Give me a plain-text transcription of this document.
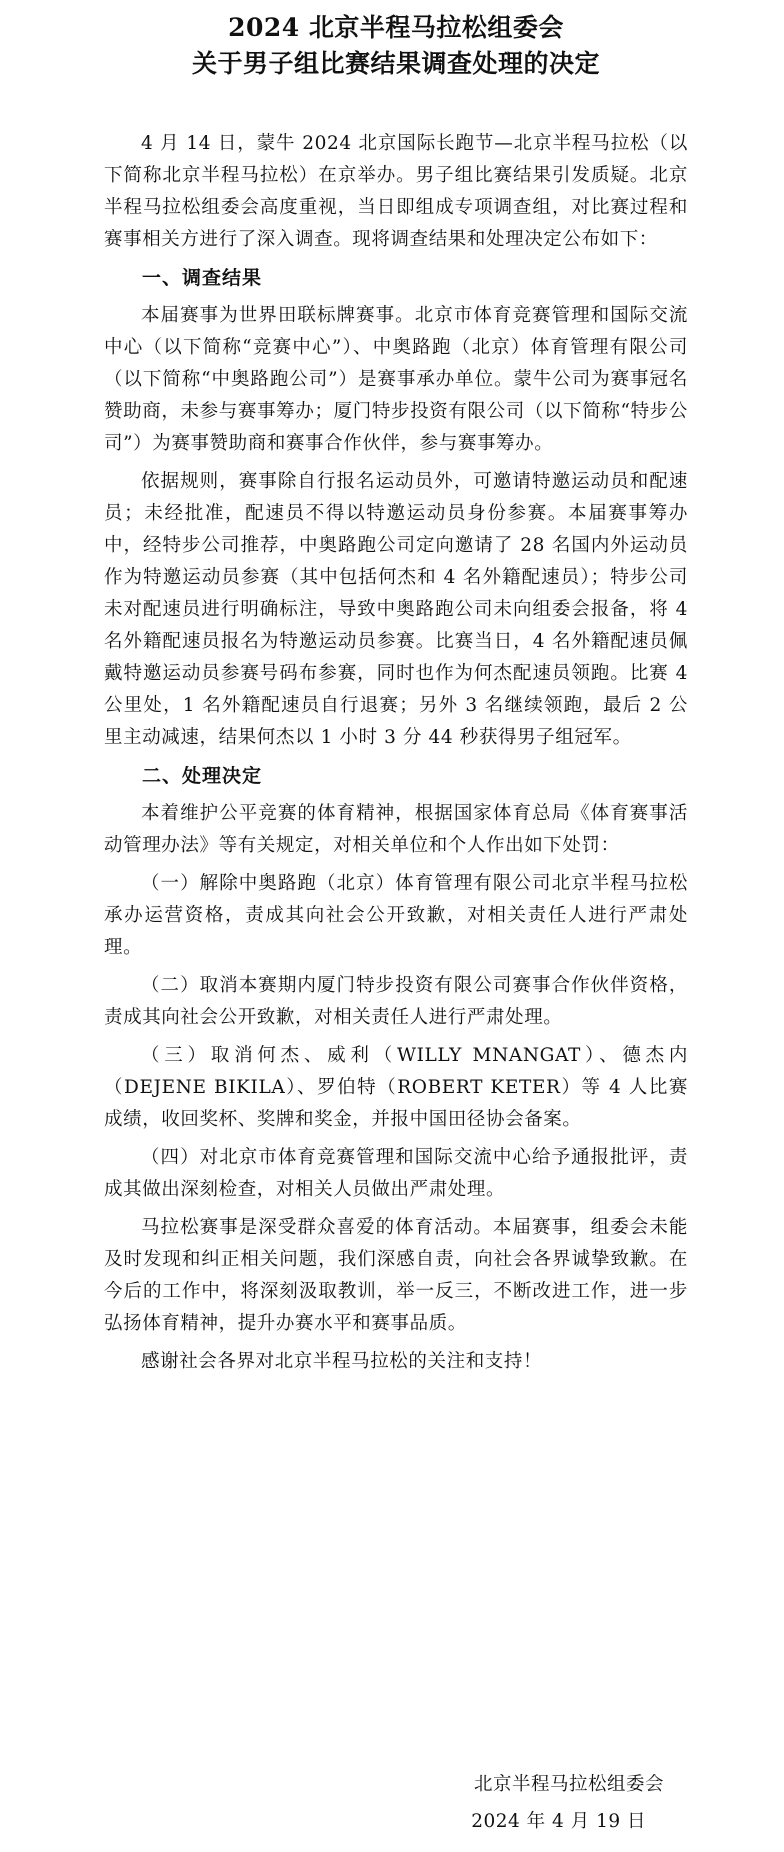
2024 北京半程马拉松组委会
关于男子组比赛结果调查处理的决定

4 月 14 日，蒙牛 2024 北京国际长跑节—北京半程马拉松（以下简称北京半程马拉松）在京举办。男子组比赛结果引发质疑。北京半程马拉松组委会高度重视，当日即组成专项调查组，对比赛过程和赛事相关方进行了深入调查。现将调查结果和处理决定公布如下：

一、调查结果

本届赛事为世界田联标牌赛事。北京市体育竞赛管理和国际交流中心（以下简称“竞赛中心”）、中奥路跑（北京）体育管理有限公司（以下简称“中奥路跑公司”）是赛事承办单位。蒙牛公司为赛事冠名赞助商，未参与赛事筹办；厦门特步投资有限公司（以下简称“特步公司”）为赛事赞助商和赛事合作伙伴，参与赛事筹办。

依据规则，赛事除自行报名运动员外，可邀请特邀运动员和配速员；未经批准，配速员不得以特邀运动员身份参赛。本届赛事筹办中，经特步公司推荐，中奥路跑公司定向邀请了 28 名国内外运动员作为特邀运动员参赛（其中包括何杰和 4 名外籍配速员）；特步公司未对配速员进行明确标注，导致中奥路跑公司未向组委会报备，将 4 名外籍配速员报名为特邀运动员参赛。比赛当日，4 名外籍配速员佩戴特邀运动员参赛号码布参赛，同时也作为何杰配速员领跑。比赛 4 公里处，1 名外籍配速员自行退赛；另外 3 名继续领跑，最后 2 公里主动减速，结果何杰以 1 小时 3 分 44 秒获得男子组冠军。

二、处理决定

本着维护公平竞赛的体育精神，根据国家体育总局《体育赛事活动管理办法》等有关规定，对相关单位和个人作出如下处罚：

（一）解除中奥路跑（北京）体育管理有限公司北京半程马拉松承办运营资格，责成其向社会公开致歉，对相关责任人进行严肃处理。

（二）取消本赛期内厦门特步投资有限公司赛事合作伙伴资格，责成其向社会公开致歉，对相关责任人进行严肃处理。

（三）取消何杰、威利（WILLY MNANGAT）、德杰内（DEJENE BIKILA）、罗伯特（ROBERT KETER）等 4 人比赛成绩，收回奖杯、奖牌和奖金，并报中国田径协会备案。

（四）对北京市体育竞赛管理和国际交流中心给予通报批评，责成其做出深刻检查，对相关人员做出严肃处理。

马拉松赛事是深受群众喜爱的体育活动。本届赛事，组委会未能及时发现和纠正相关问题，我们深感自责，向社会各界诚挚致歉。在今后的工作中，将深刻汲取教训，举一反三，不断改进工作，进一步弘扬体育精神，提升办赛水平和赛事品质。

感谢社会各界对北京半程马拉松的关注和支持！

北京半程马拉松组委会
2024 年 4 月 19 日
